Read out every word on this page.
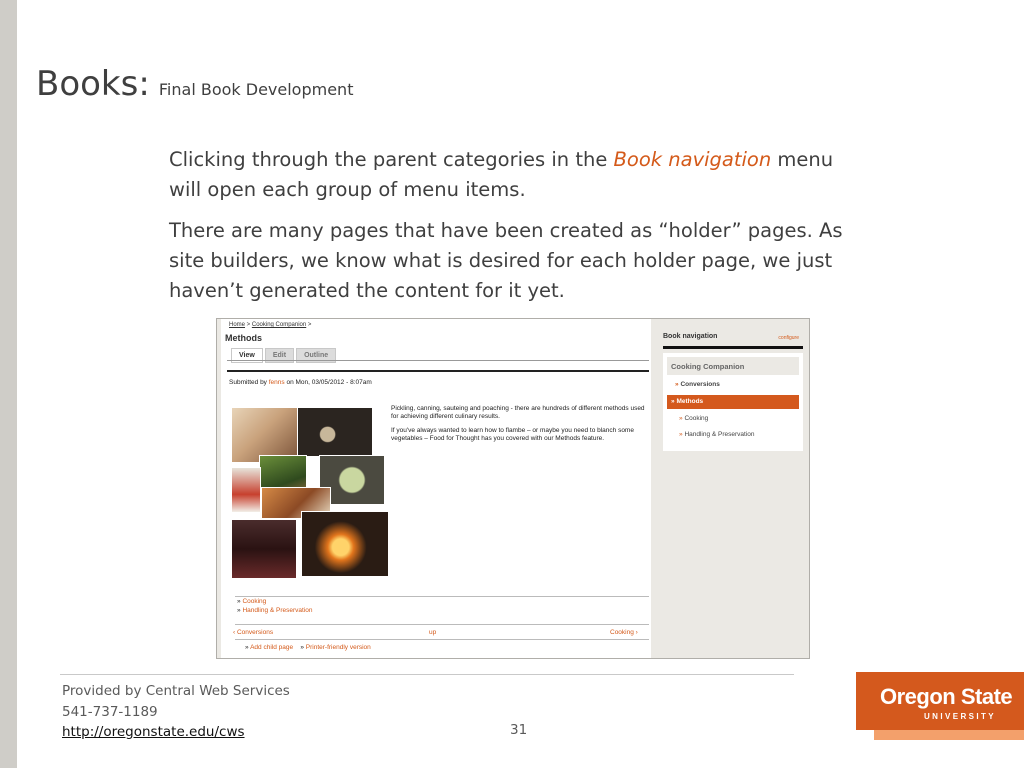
Books: Final Book Development

Clicking through the parent categories in the Book navigation menu will open each group of menu items.

There are many pages that have been created as “holder” pages. As site builders, we know what is desired for each holder page, we just haven’t generated the content for it yet.

Home > Cooking Companion >
Methods
View	Edit	Outline
Submitted by fenns on Mon, 03/05/2012 - 8:07am

Pickling, canning, sauteing and poaching - there are hundreds of different methods used for achieving different culinary results.

If you've always wanted to learn how to flambe – or maybe you need to blanch some vegetables – Food for Thought has you covered with our Methods feature.

» Cooking
» Handling & Preservation
‹ Conversions	up	Cooking ›
» Add child page » Printer-friendly version
Book navigation	configure
Cooking Companion
» Conversions
» Methods
» Cooking
» Handling & Preservation
Provided by Central Web Services
541-737-1189
http://oregonstate.edu/cws	31
Oregon State
UNIVERSITY
